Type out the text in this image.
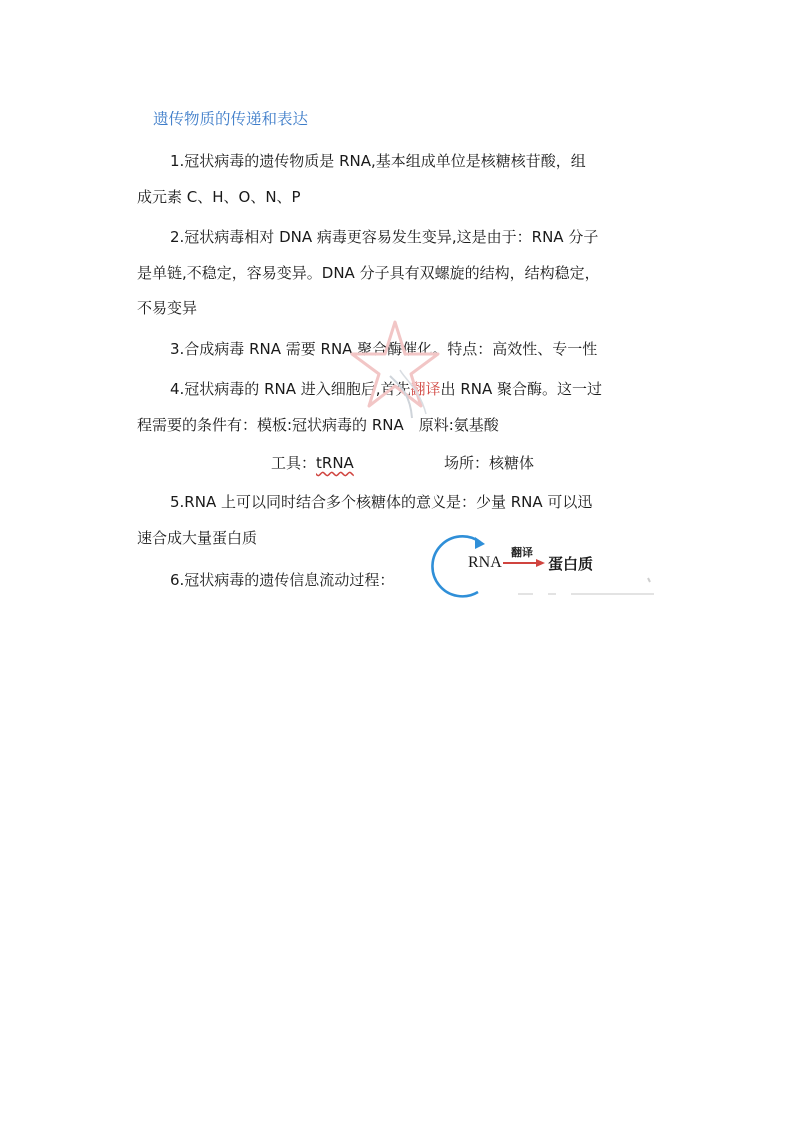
遗传物质的传递和表达
1.冠状病毒的遗传物质是 RNA,基本组成单位是核糖核苷酸，组
成元素 C、H、O、N、P
2.冠状病毒相对 DNA 病毒更容易发生变异,这是由于：RNA 分子
是单链,不稳定，容易变异。DNA 分子具有双螺旋的结构，结构稳定，
不易变异
3.合成病毒 RNA 需要 RNA 聚合酶催化。特点：高效性、专一性
4.冠状病毒的 RNA 进入细胞后,首先翻译出 RNA 聚合酶。这一过
程需要的条件有：模板:冠状病毒的 RNA　原料:氨基酸
工具：tRNA	场所：核糖体
5.RNA 上可以同时结合多个核糖体的意义是：少量 RNA 可以迅
速合成大量蛋白质
6.冠状病毒的遗传信息流动过程：
RNA
翻译
蛋白质
